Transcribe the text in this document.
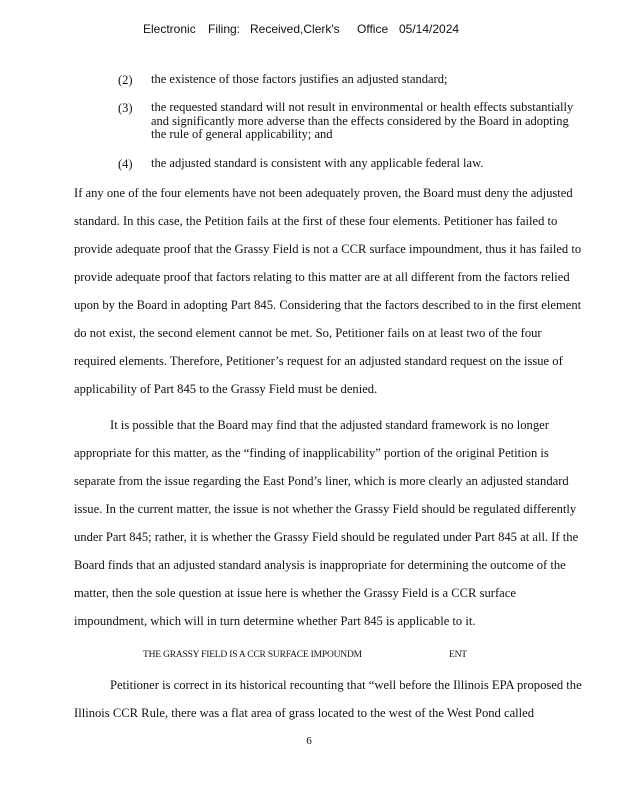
Electronic Filing: Received,Clerk's Office 05/14/2024
(2) the existence of those factors justifies an adjusted standard;
(3) the requested standard will not result in environmental or health effects substantially and significantly more adverse than the effects considered by the Board in adopting the rule of general applicability; and
(4) the adjusted standard is consistent with any applicable federal law.

If any one of the four elements have not been adequately proven, the Board must deny the adjusted standard. In this case, the Petition fails at the first of these four elements. Petitioner has failed to provide adequate proof that the Grassy Field is not a CCR surface impoundment, thus it has failed to provide adequate proof that factors relating to this matter are at all different from the factors relied upon by the Board in adopting Part 845. Considering that the factors described to in the first element do not exist, the second element cannot be met. So, Petitioner fails on at least two of the four required elements. Therefore, Petitioner’s request for an adjusted standard request on the issue of applicability of Part 845 to the Grassy Field must be denied.

It is possible that the Board may find that the adjusted standard framework is no longer appropriate for this matter, as the “finding of inapplicability” portion of the original Petition is separate from the issue regarding the East Pond’s liner, which is more clearly an adjusted standard issue. In the current matter, the issue is not whether the Grassy Field should be regulated differently under Part 845; rather, it is whether the Grassy Field should be regulated under Part 845 at all. If the Board finds that an adjusted standard analysis is inappropriate for determining the outcome of the matter, then the sole question at issue here is whether the Grassy Field is a CCR surface impoundment, which will in turn determine whether Part 845 is applicable to it.

THE GRASSY FIELD IS A CCR SURFACE IMPOUNDM	ENT

Petitioner is correct in its historical recounting that “well before the Illinois EPA proposed the Illinois CCR Rule, there was a flat area of grass located to the west of the West Pond called

6
